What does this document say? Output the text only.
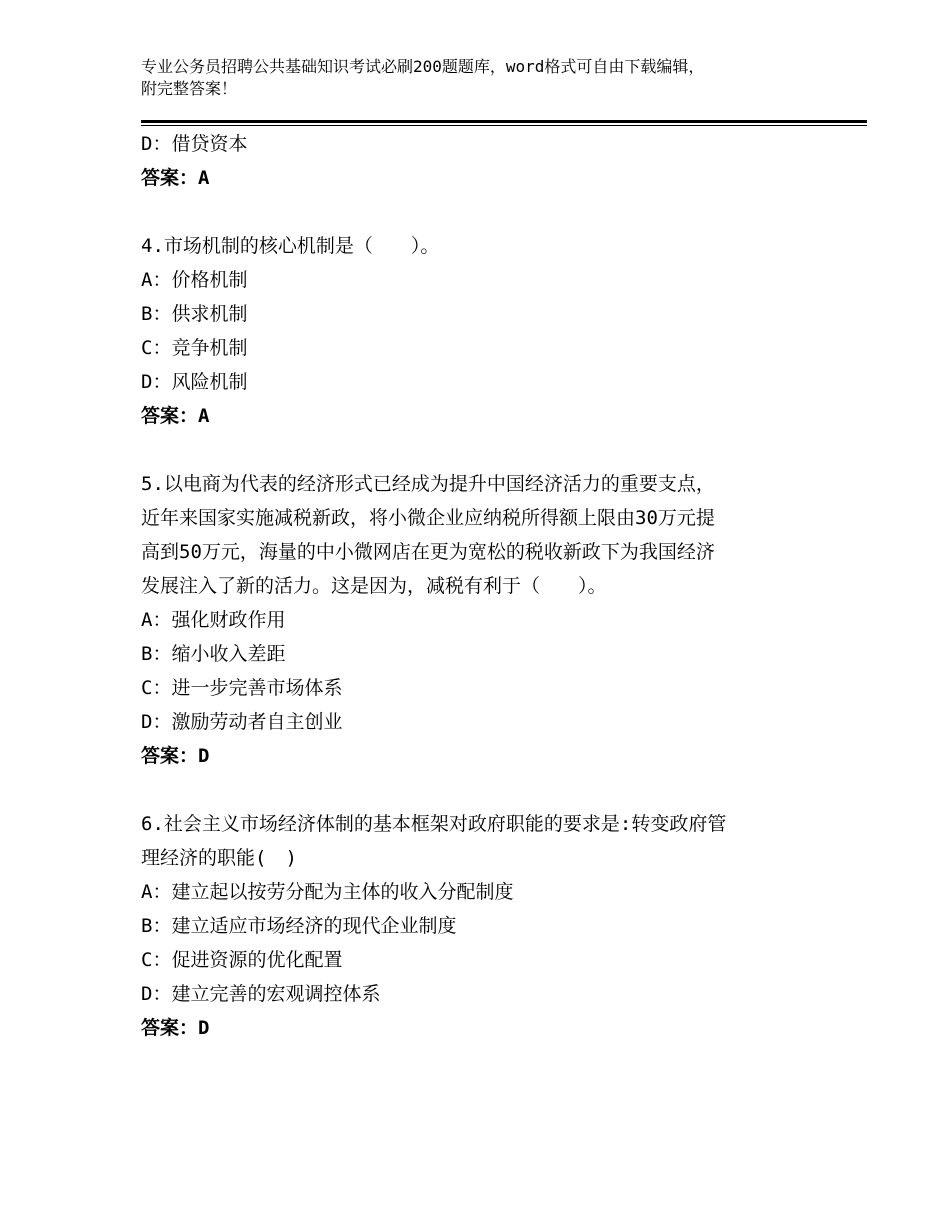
专业公务员招聘公共基础知识考试必刷200题题库，word格式可自由下载编辑，
附完整答案！
D：借贷资本
答案：A
4.市场机制的核心机制是（　　）。
A：价格机制
B：供求机制
C：竞争机制
D：风险机制
答案：A
5.以电商为代表的经济形式已经成为提升中国经济活力的重要支点，
近年来国家实施减税新政，将小微企业应纳税所得额上限由30万元提
高到50万元，海量的中小微网店在更为宽松的税收新政下为我国经济
发展注入了新的活力。这是因为，减税有利于（　　）。
A：强化财政作用
B：缩小收入差距
C：进一步完善市场体系
D：激励劳动者自主创业
答案：D
6.社会主义市场经济体制的基本框架对政府职能的要求是:转变政府管
理经济的职能(　)
A：建立起以按劳分配为主体的收入分配制度
B：建立适应市场经济的现代企业制度
C：促进资源的优化配置
D：建立完善的宏观调控体系
答案：D
